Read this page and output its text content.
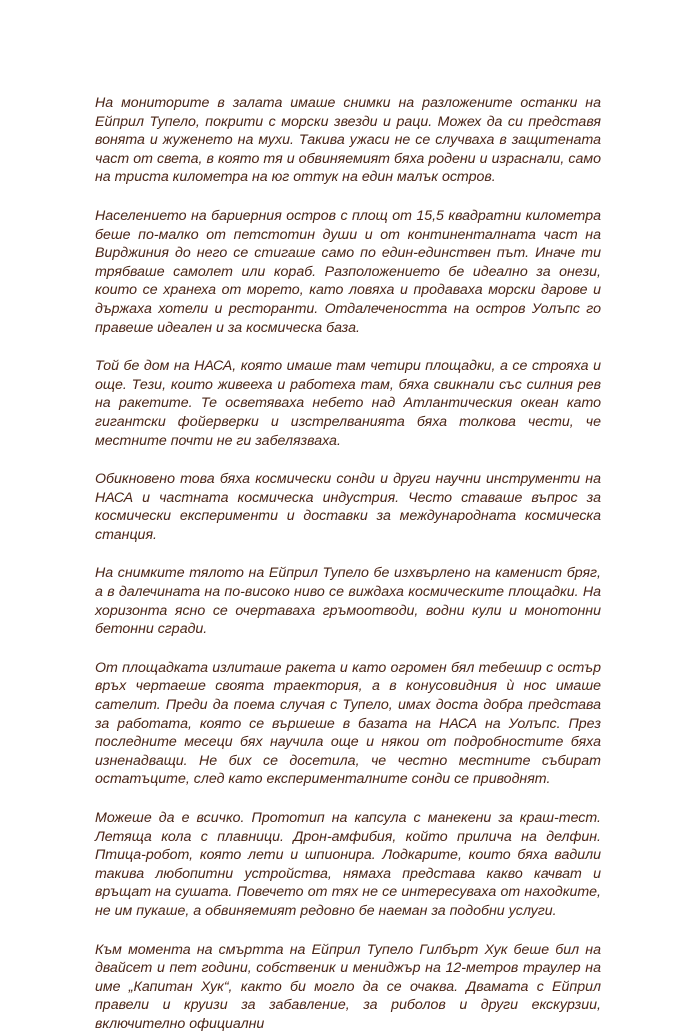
На мониторите в залата имаше снимки на разложените останки на Ейприл Тупело, покрити с морски звезди и раци. Можех да си представя вонята и жуженето на мухи. Такива ужаси не се случваха в защитената част от света, в която тя и обвиняемият бяха родени и израснали, само на триста километра на юг оттук на един малък остров.

Населението на бариерния остров с площ от 15,5 квадратни километра беше по-малко от петстотин души и от континенталната част на Вирджиния до него се стигаше само по един-единствен път. Иначе ти трябваше самолет или кораб. Разположението бе идеално за онези, които се хранеха от морето, като ловяха и продаваха морски дарове и държаха хотели и ресторанти. Отдалечеността на остров Уолъпс го правеше идеален и за космическа база.

Той бе дом на НАСА, която имаше там четири площадки, а се строяха и още. Тези, които живееха и работеха там, бяха свикнали със силния рев на ракетите. Те осветяваха небето над Атлантическия океан като гигантски фойерверки и изстрелванията бяха толкова чести, че местните почти не ги забелязваха.

Обикновено това бяха космически сонди и други научни инструменти на НАСА и частната космическа индустрия. Често ставаше въпрос за космически експерименти и доставки за международната космическа станция.

На снимките тялото на Ейприл Тупело бе изхвърлено на каменист бряг, а в далечината на по-високо ниво се виждаха космическите площадки. На хоризонта ясно се очертаваха гръмоотводи, водни кули и монотонни бетонни сгради.

От площадката излиташе ракета и като огромен бял тебешир с остър връх чертаеше своята траектория, а в конусовидния ѝ нос имаше сателит. Преди да поема случая с Тупело, имах доста добра представа за работата, която се вършеше в базата на НАСА на Уолъпс. През последните месеци бях научила още и някои от подробностите бяха изненадващи. Не бих се досетила, че честно местните събират остатъците, след като експерименталните сонди се приводнят.

Можеше да е всичко. Прототип на капсула с манекени за краш-тест. Летяща кола с плавници. Дрон-амфибия, който приличa на делфин. Птица-робот, която лети и шпионира. Лодкарите, които бяха вадили такива любопитни устройства, нямаха представа какво качват и връщат на сушата. Повечето от тях не се интересуваха от находките, не им пукаше, а обвиняемият редовно бе наеман за подобни услуги.

Към момента на смъртта на Ейприл Тупело Гилбърт Хук беше бил на двайсет и пет години, собственик и мениджър на 12-метров траулер на име „Капитан Хук“, както би могло да се очаква. Двамата с Ейприл правели и круизи за забавление, за риболов и други екскурзии, включително официални
